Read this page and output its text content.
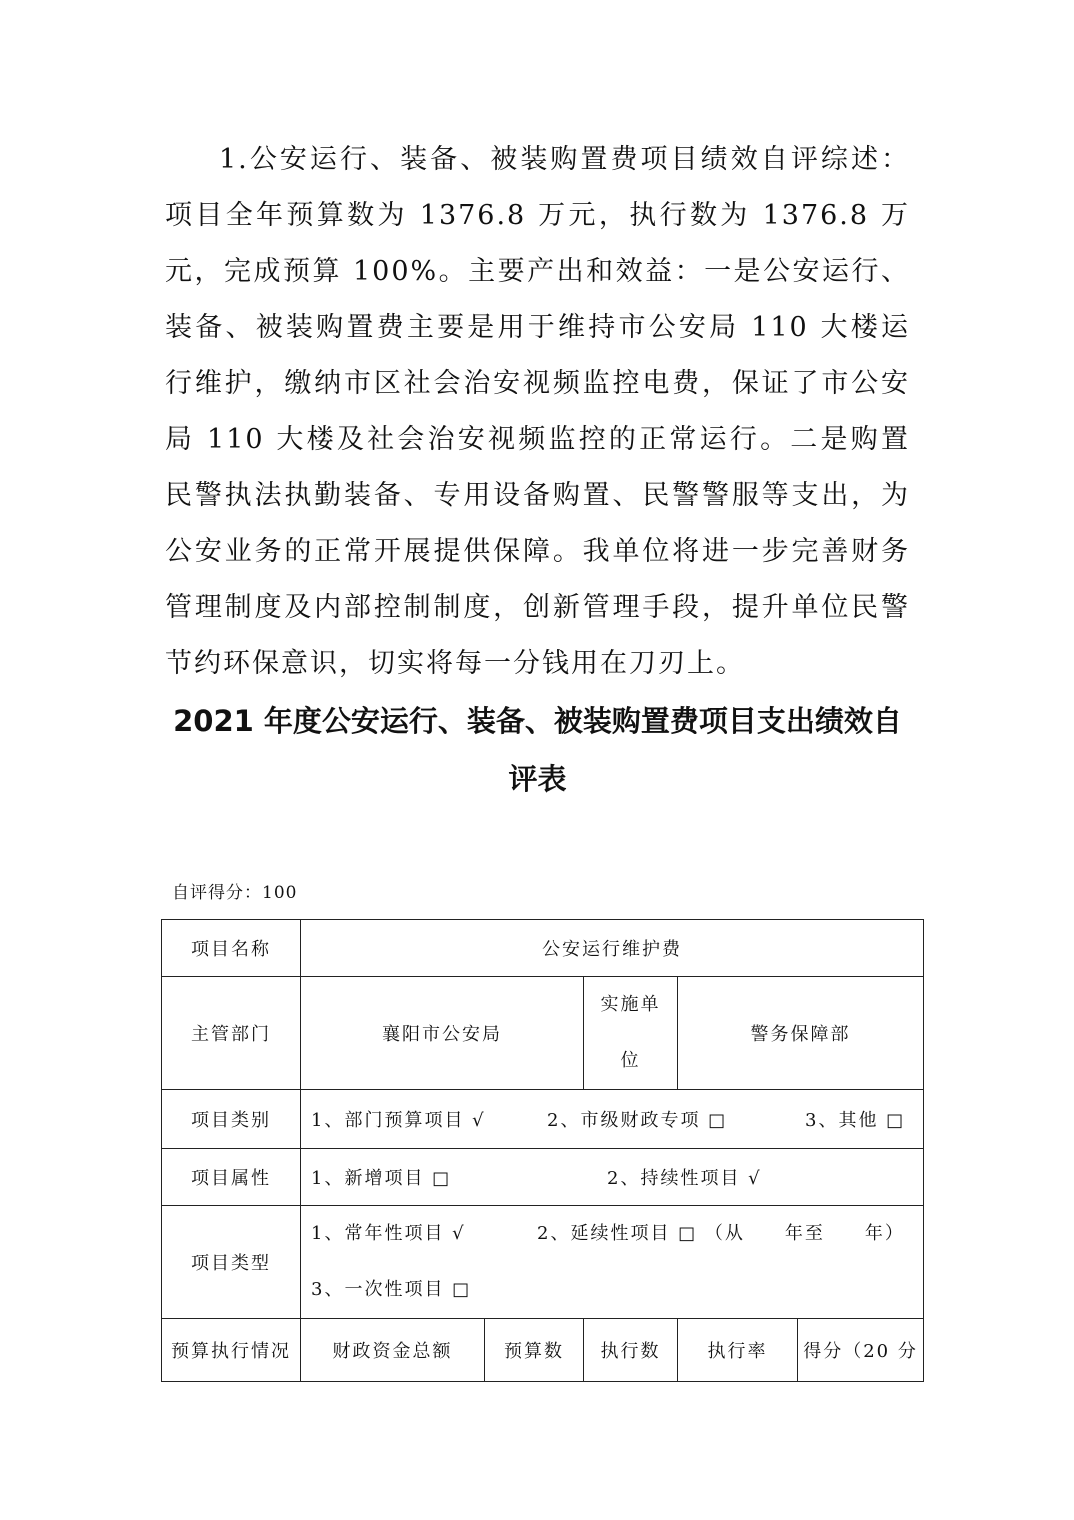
1.公安运行、装备、被装购置费项目绩效自评综述：项目全年预算数为 1376.8 万元，执行数为 1376.8 万元，完成预算 100%。主要产出和效益：一是公安运行、装备、被装购置费主要是用于维持市公安局 110 大楼运行维护，缴纳市区社会治安视频监控电费，保证了市公安局 110 大楼及社会治安视频监控的正常运行。二是购置民警执法执勤装备、专用设备购置、民警警服等支出，为公安业务的正常开展提供保障。我单位将进一步完善财务管理制度及内部控制制度，创新管理手段，提升单位民警节约环保意识，切实将每一分钱用在刀刃上。

2021 年度公安运行、装备、被装购置费项目支出绩效自评表
自评得分：100
项目名称	公安运行维护费				
主管部门	襄阳市公安局		实施单位	警务保障部	
项目类别	1、部门预算项目 √ 2、市级财政专项 □ 3、其他 □				
项目属性	1、新增项目 □ 2、持续性项目 √				
项目类型	1、常年性项目 √ 2、延续性项目 □ （从　　年至　　年）
3、一次性项目 □				

预算执行情况	财政资金总额	预算数	执行数	执行率	得分（20 分
